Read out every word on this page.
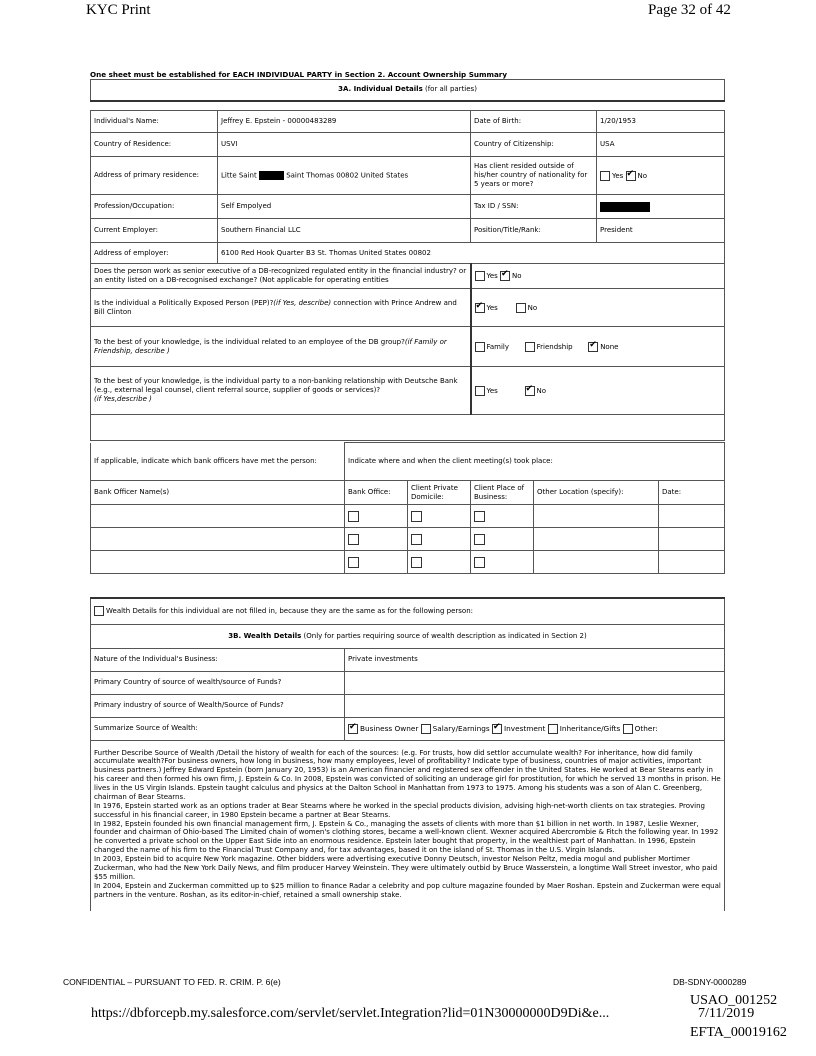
KYC Print	Page 32 of 42
One sheet must be established for EACH INDIVIDUAL PARTY in Section 2. Account Ownership Summary
3A. Individual Details (for all parties)			

Individual's Name:	Jeffrey E. Epstein - 00000483289	Date of Birth:	1/20/1953
Country of Residence:	USVI	Country of Citizenship:	USA
Address of primary residence:	Litte Saint Saint Thomas 00802 United States	Has client resided outside of his/her country of nationality for 5 years or more?	Yes ✔ No
Profession/Occupation:	Self Empolyed	Tax ID / SSN:	
Current Employer:	Southern Financial LLC	Position/Title/Rank:	President
Address of employer:	6100 Red Hook Quarter B3 St. Thomas United States 00802		
Does the person work as senior executive of a DB-recognized regulated entity in the financial industry? or an entity listed on a DB-recognised exchange? (Not applicable for operating entities		Yes ✔ No
Is the individual a Politically Exposed Person (PEP)?(if Yes, describe) connection with Prince Andrew and Bill Clinton	✔Yes No
To the best of your knowledge, is the individual related to an employee of the DB group?(if Family or Friendship, describe )		Family Friendship ✔ None
To the best of your knowledge, is the individual party to a non-banking relationship with Deutsche Bank (e.g., external legal counsel, client referral source, supplier of goods or services)?
(if Yes,describe )		Yes ✔ No

If applicable, indicate which bank officers have met the person:	Indicate where and when the client meeting(s) took place:				
Bank Officer Name(s)	Bank Office:	Client Private Domicile:	Client Place of Business:	Other Location (specify):	Date:

Wealth Details for this individual are not filled in, because they are the same as for the following person:	
3B. Wealth Details (Only for parties requiring source of wealth description as indicated in Section 2)	
Nature of the Individual's Business:	Private investments
Primary Country of source of wealth/source of Funds?	
Primary industry of source of Wealth/Source of Funds?	
Summarize Source of Wealth:	✔Business Owner Salary/Earnings ✔ Investment Inheritance/Gifts Other:

Further Describe Source of Wealth /Detail the history of wealth for each of the sources: (e.g. For trusts, how did settlor accumulate wealth? For inheritance, how did family accumulate wealth?For business owners, how long in business, how many employees, level of profitability? Indicate type of business, countries of major activities, important business partners.) Jeffrey Edward Epstein (born January 20, 1953) is an American financier and registered sex offender in the United States. He worked at Bear Stearns early in his career and then formed his own firm, J. Epstein & Co. In 2008, Epstein was convicted of soliciting an underage girl for prostitution, for which he served 13 months in prison. He lives in the US Virgin Islands. Epstein taught calculus and physics at the Dalton School in Manhattan from 1973 to 1975. Among his students was a son of Alan C. Greenberg, chairman of Bear Stearns.

In 1976, Epstein started work as an options trader at Bear Stearns where he worked in the special products division, advising high-net-worth clients on tax strategies. Proving successful in his financial career, in 1980 Epstein became a partner at Bear Stearns.

In 1982, Epstein founded his own financial management firm, J. Epstein & Co., managing the assets of clients with more than $1 billion in net worth. In 1987, Leslie Wexner, founder and chairman of Ohio-based The Limited chain of women's clothing stores, became a well-known client. Wexner acquired Abercrombie & Fitch the following year. In 1992 he converted a private school on the Upper East Side into an enormous residence. Epstein later bought that property, in the wealthiest part of Manhattan. In 1996, Epstein changed the name of his firm to the Financial Trust Company and, for tax advantages, based it on the island of St. Thomas in the U.S. Virgin Islands.

In 2003, Epstein bid to acquire New York magazine. Other bidders were advertising executive Donny Deutsch, investor Nelson Peltz, media mogul and publisher Mortimer Zuckerman, who had the New York Daily News, and film producer Harvey Weinstein. They were ultimately outbid by Bruce Wasserstein, a longtime Wall Street investor, who paid $55 million.

In 2004, Epstein and Zuckerman committed up to $25 million to finance Radar a celebrity and pop culture magazine founded by Maer Roshan. Epstein and Zuckerman were equal partners in the venture. Roshan, as its editor-in-chief, retained a small ownership stake.	

CONFIDENTIAL – PURSUANT TO FED. R. CRIM. P. 6(e)	DB-SDNY-0000289
https://dbforcepb.my.salesforce.com/servlet/servlet.Integration?lid=01N30000000D9Di&e...
USAO_001252
7/11/2019
EFTA_00019162
